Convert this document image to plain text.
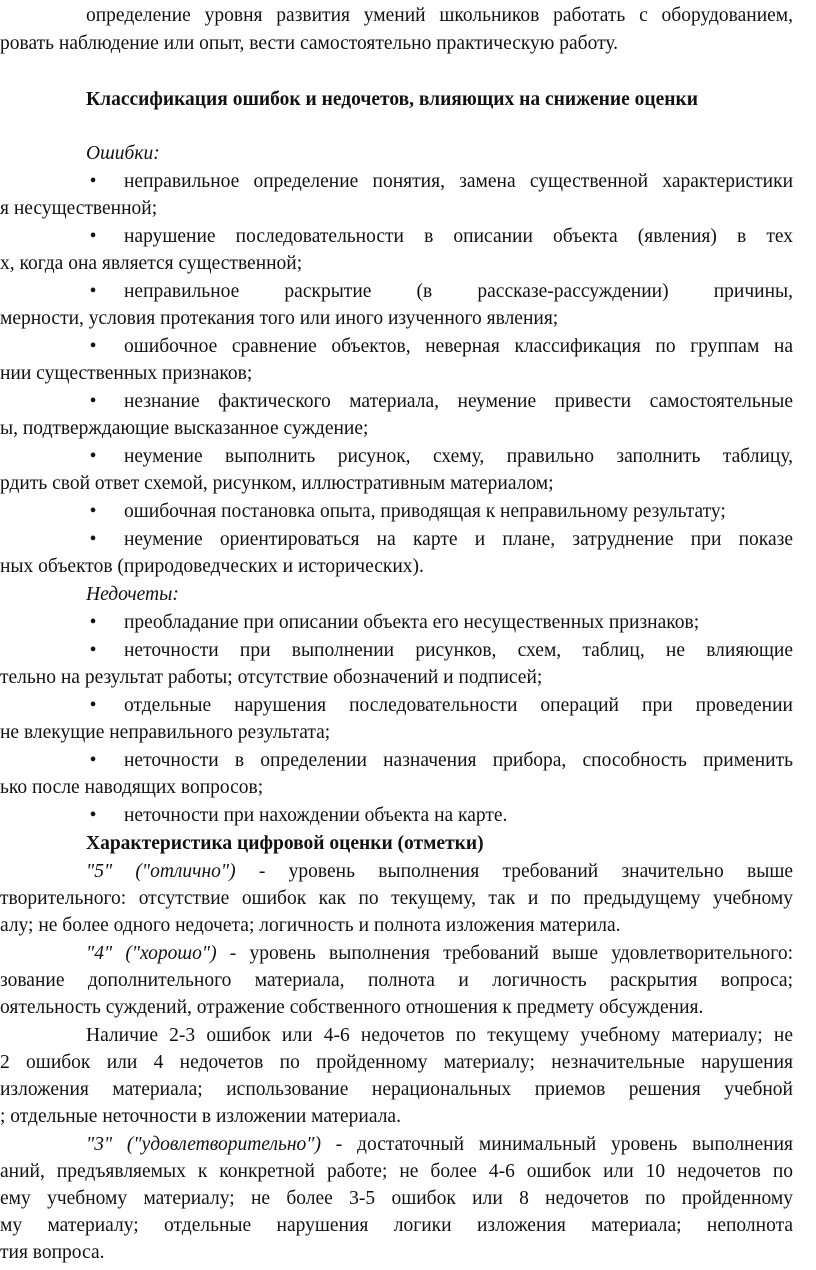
определение уровня развития умений школьников работать с оборудованием,
ровать наблюдение или опыт, вести самостоятельно практическую работу.
Классификация ошибок и недочетов, влияющих на снижение оценки
Ошибки:
• неправильное определение понятия, замена существенной характеристики
я несущественной;
• нарушение последовательности в описании объекта (явления) в тех
х, когда она является существенной;
• неправильное раскрытие (в рассказе-рассуждении) причины,
мерности, условия протекания того или иного изученного явления;
• ошибочное сравнение объектов, неверная классификация по группам на
нии существенных признаков;
• незнание фактического материала, неумение привести самостоятельные
ы, подтверждающие высказанное суждение;
• неумение выполнить рисунок, схему, правильно заполнить таблицу,
рдить свой ответ схемой, рисунком, иллюстративным материалом;
• ошибочная постановка опыта, приводящая к неправильному результату;
• неумение ориентироваться на карте и плане, затруднение при показе
ных объектов (природоведческих и исторических).
Недочеты:
• преобладание при описании объекта его несущественных признаков;
• неточности при выполнении рисунков, схем, таблиц, не влияющие
тельно на результат работы; отсутствие обозначений и подписей;
• отдельные нарушения последовательности операций при проведении
не влекущие неправильного результата;
• неточности в определении назначения прибора, способность применить
ько после наводящих вопросов;
• неточности при нахождении объекта на карте.
Характеристика цифровой оценки (отметки)
"5" ("отлично") - уровень выполнения требований значительно выше
творительного: отсутствие ошибок как по текущему, так и по предыдущему учебному
алу; не более одного недочета; логичность и полнота изложения материла.
"4" ("хорошо") - уровень выполнения требований выше удовлетворительного:
зование дополнительного материала, полнота и логичность раскрытия вопроса;
оятельность суждений, отражение собственного отношения к предмету обсуждения.
Наличие 2-3 ошибок или 4-6 недочетов по текущему учебному материалу; не
2 ошибок или 4 недочетов по пройденному материалу; незначительные нарушения
изложения материала; использование нерациональных приемов решения учебной
; отдельные неточности в изложении материала.
"3" ("удовлетворительно") - достаточный минимальный уровень выполнения
аний, предъявляемых к конкретной работе; не более 4-6 ошибок или 10 недочетов по
ему учебному материалу; не более 3-5 ошибок или 8 недочетов по пройденному
му материалу; отдельные нарушения логики изложения материала; неполнота
тия вопроса.
